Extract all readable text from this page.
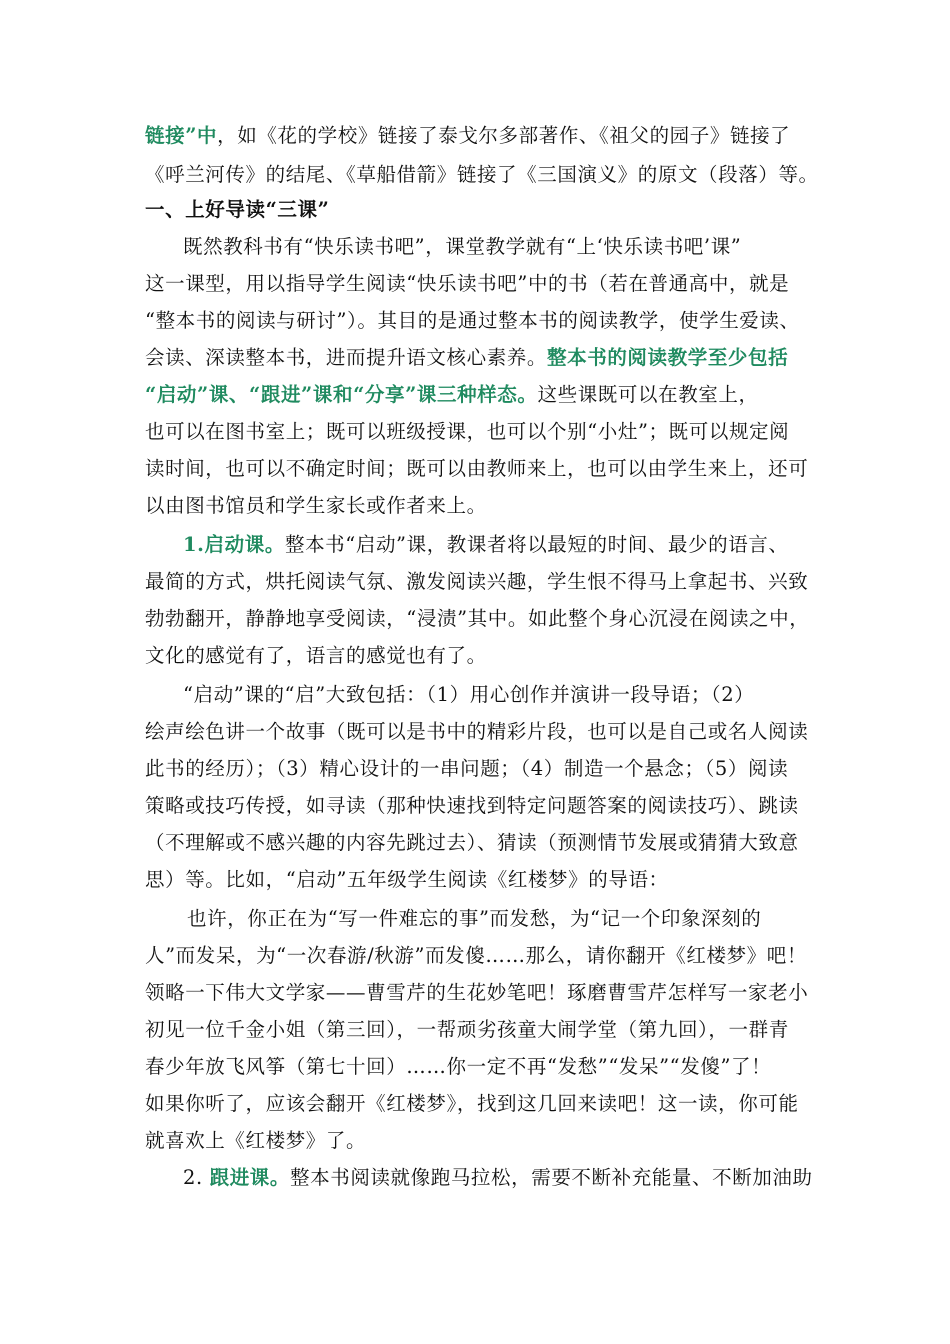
链接”中，如《花的学校》链接了泰戈尔多部著作、《祖父的园子》链接了
《呼兰河传》的结尾、《草船借箭》链接了《三国演义》的原文（段落）等。
一、上好导读“三课”
既然教科书有“快乐读书吧”，课堂教学就有“上‘快乐读书吧’课”
这一课型，用以指导学生阅读“快乐读书吧”中的书（若在普通高中，就是
“整本书的阅读与研讨”）。其目的是通过整本书的阅读教学，使学生爱读、
会读、深读整本书，进而提升语文核心素养。整本书的阅读教学至少包括
“启动”课、“跟进”课和“分享”课三种样态。这些课既可以在教室上，
也可以在图书室上；既可以班级授课，也可以个别“小灶”；既可以规定阅
读时间，也可以不确定时间；既可以由教师来上，也可以由学生来上，还可
以由图书馆员和学生家长或作者来上。
1.启动课。整本书“启动”课，教课者将以最短的时间、最少的语言、
最简的方式，烘托阅读气氛、激发阅读兴趣，学生恨不得马上拿起书、兴致
勃勃翻开，静静地享受阅读，“浸渍”其中。如此整个身心沉浸在阅读之中，
文化的感觉有了，语言的感觉也有了。
“启动”课的“启”大致包括：（1）用心创作并演讲一段导语；（2）
绘声绘色讲一个故事（既可以是书中的精彩片段，也可以是自己或名人阅读
此书的经历）；（3）精心设计的一串问题；（4）制造一个悬念；（5）阅读
策略或技巧传授，如寻读（那种快速找到特定问题答案的阅读技巧）、跳读
（不理解或不感兴趣的内容先跳过去）、猜读（预测情节发展或猜猜大致意
思）等。比如，“启动”五年级学生阅读《红楼梦》的导语：
也许，你正在为“写一件难忘的事”而发愁，为“记一个印象深刻的
人”而发呆，为“一次春游/秋游”而发傻……那么，请你翻开《红楼梦》吧！
领略一下伟大文学家——曹雪芹的生花妙笔吧！琢磨曹雪芹怎样写一家老小
初见一位千金小姐（第三回），一帮顽劣孩童大闹学堂（第九回），一群青
春少年放飞风筝（第七十回）……你一定不再“发愁”“发呆”“发傻”了！
如果你听了，应该会翻开《红楼梦》，找到这几回来读吧！这一读，你可能
就喜欢上《红楼梦》了。
2. 跟进课。整本书阅读就像跑马拉松，需要不断补充能量、不断加油助
